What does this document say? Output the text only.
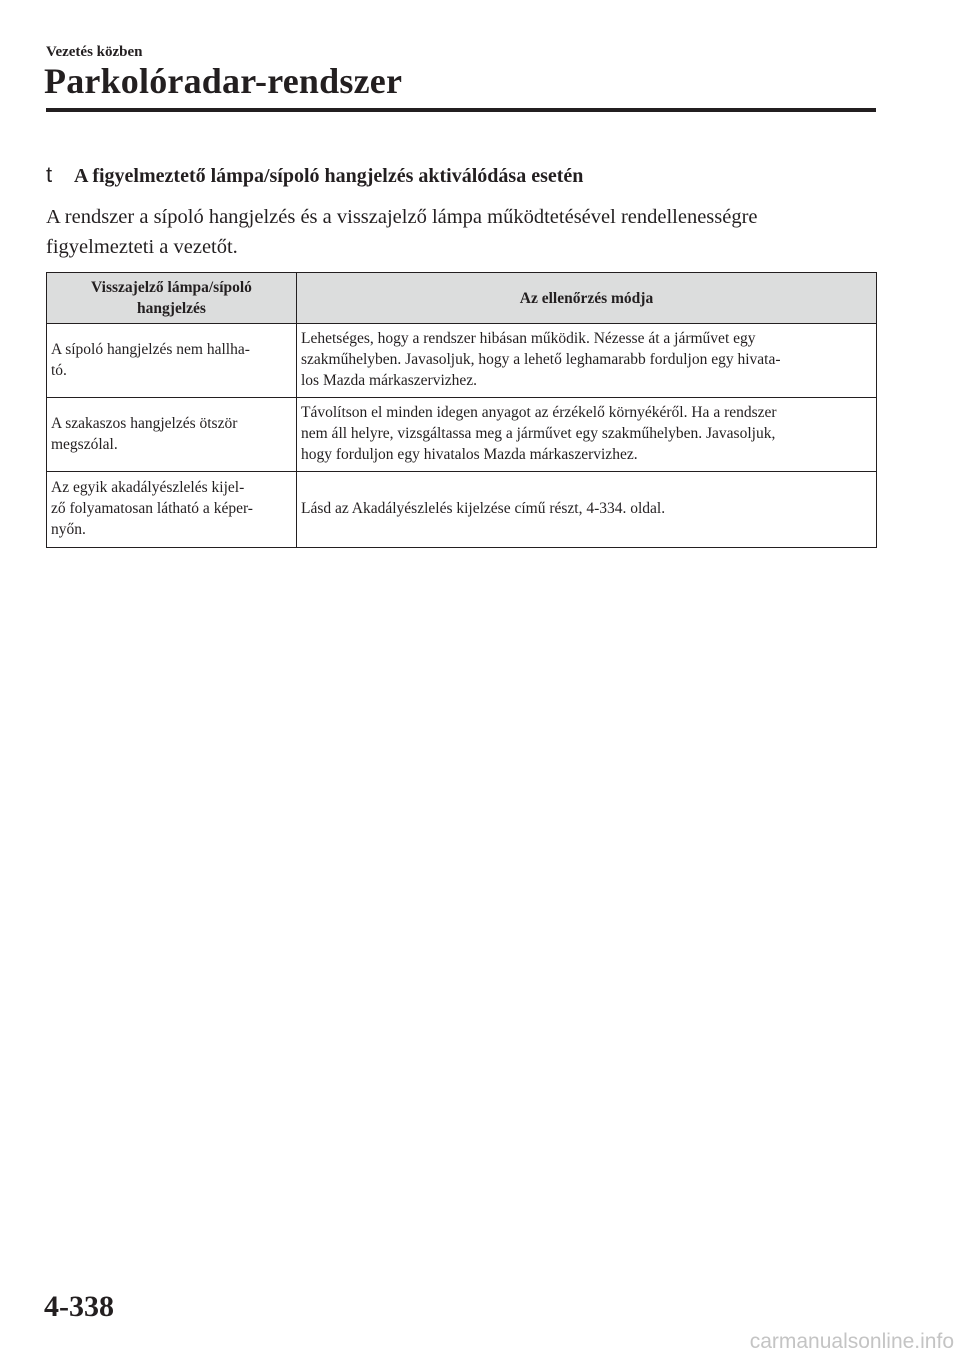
Vezetés közben
Parkolóradar-rendszer
t A figyelmeztető lámpa/sípoló hangjelzés aktiválódása esetén
A rendszer a sípoló hangjelzés és a visszajelző lámpa működtetésével rendellenességre
figyelmezteti a vezetőt.
Visszajelző lámpa/sípoló
hangjelzés	Az ellenőrzés módja
A sípoló hangjelzés nem hallha-
tó.	Lehetséges, hogy a rendszer hibásan működik. Nézesse át a járművet egy
szakműhelyben. Javasoljuk, hogy a lehető leghamarabb forduljon egy hivata-
los Mazda márkaszervizhez.
A szakaszos hangjelzés ötször
megszólal.	Távolítson el minden idegen anyagot az érzékelő környékéről. Ha a rendszer
nem áll helyre, vizsgáltassa meg a járművet egy szakműhelyben. Javasoljuk,
hogy forduljon egy hivatalos Mazda márkaszervizhez.
Az egyik akadályészlelés kijel-
ző folyamatosan látható a képer-
nyőn.	Lásd az Akadályészlelés kijelzése című részt, 4-334. oldal.
4-338
carmanualsonline.info
